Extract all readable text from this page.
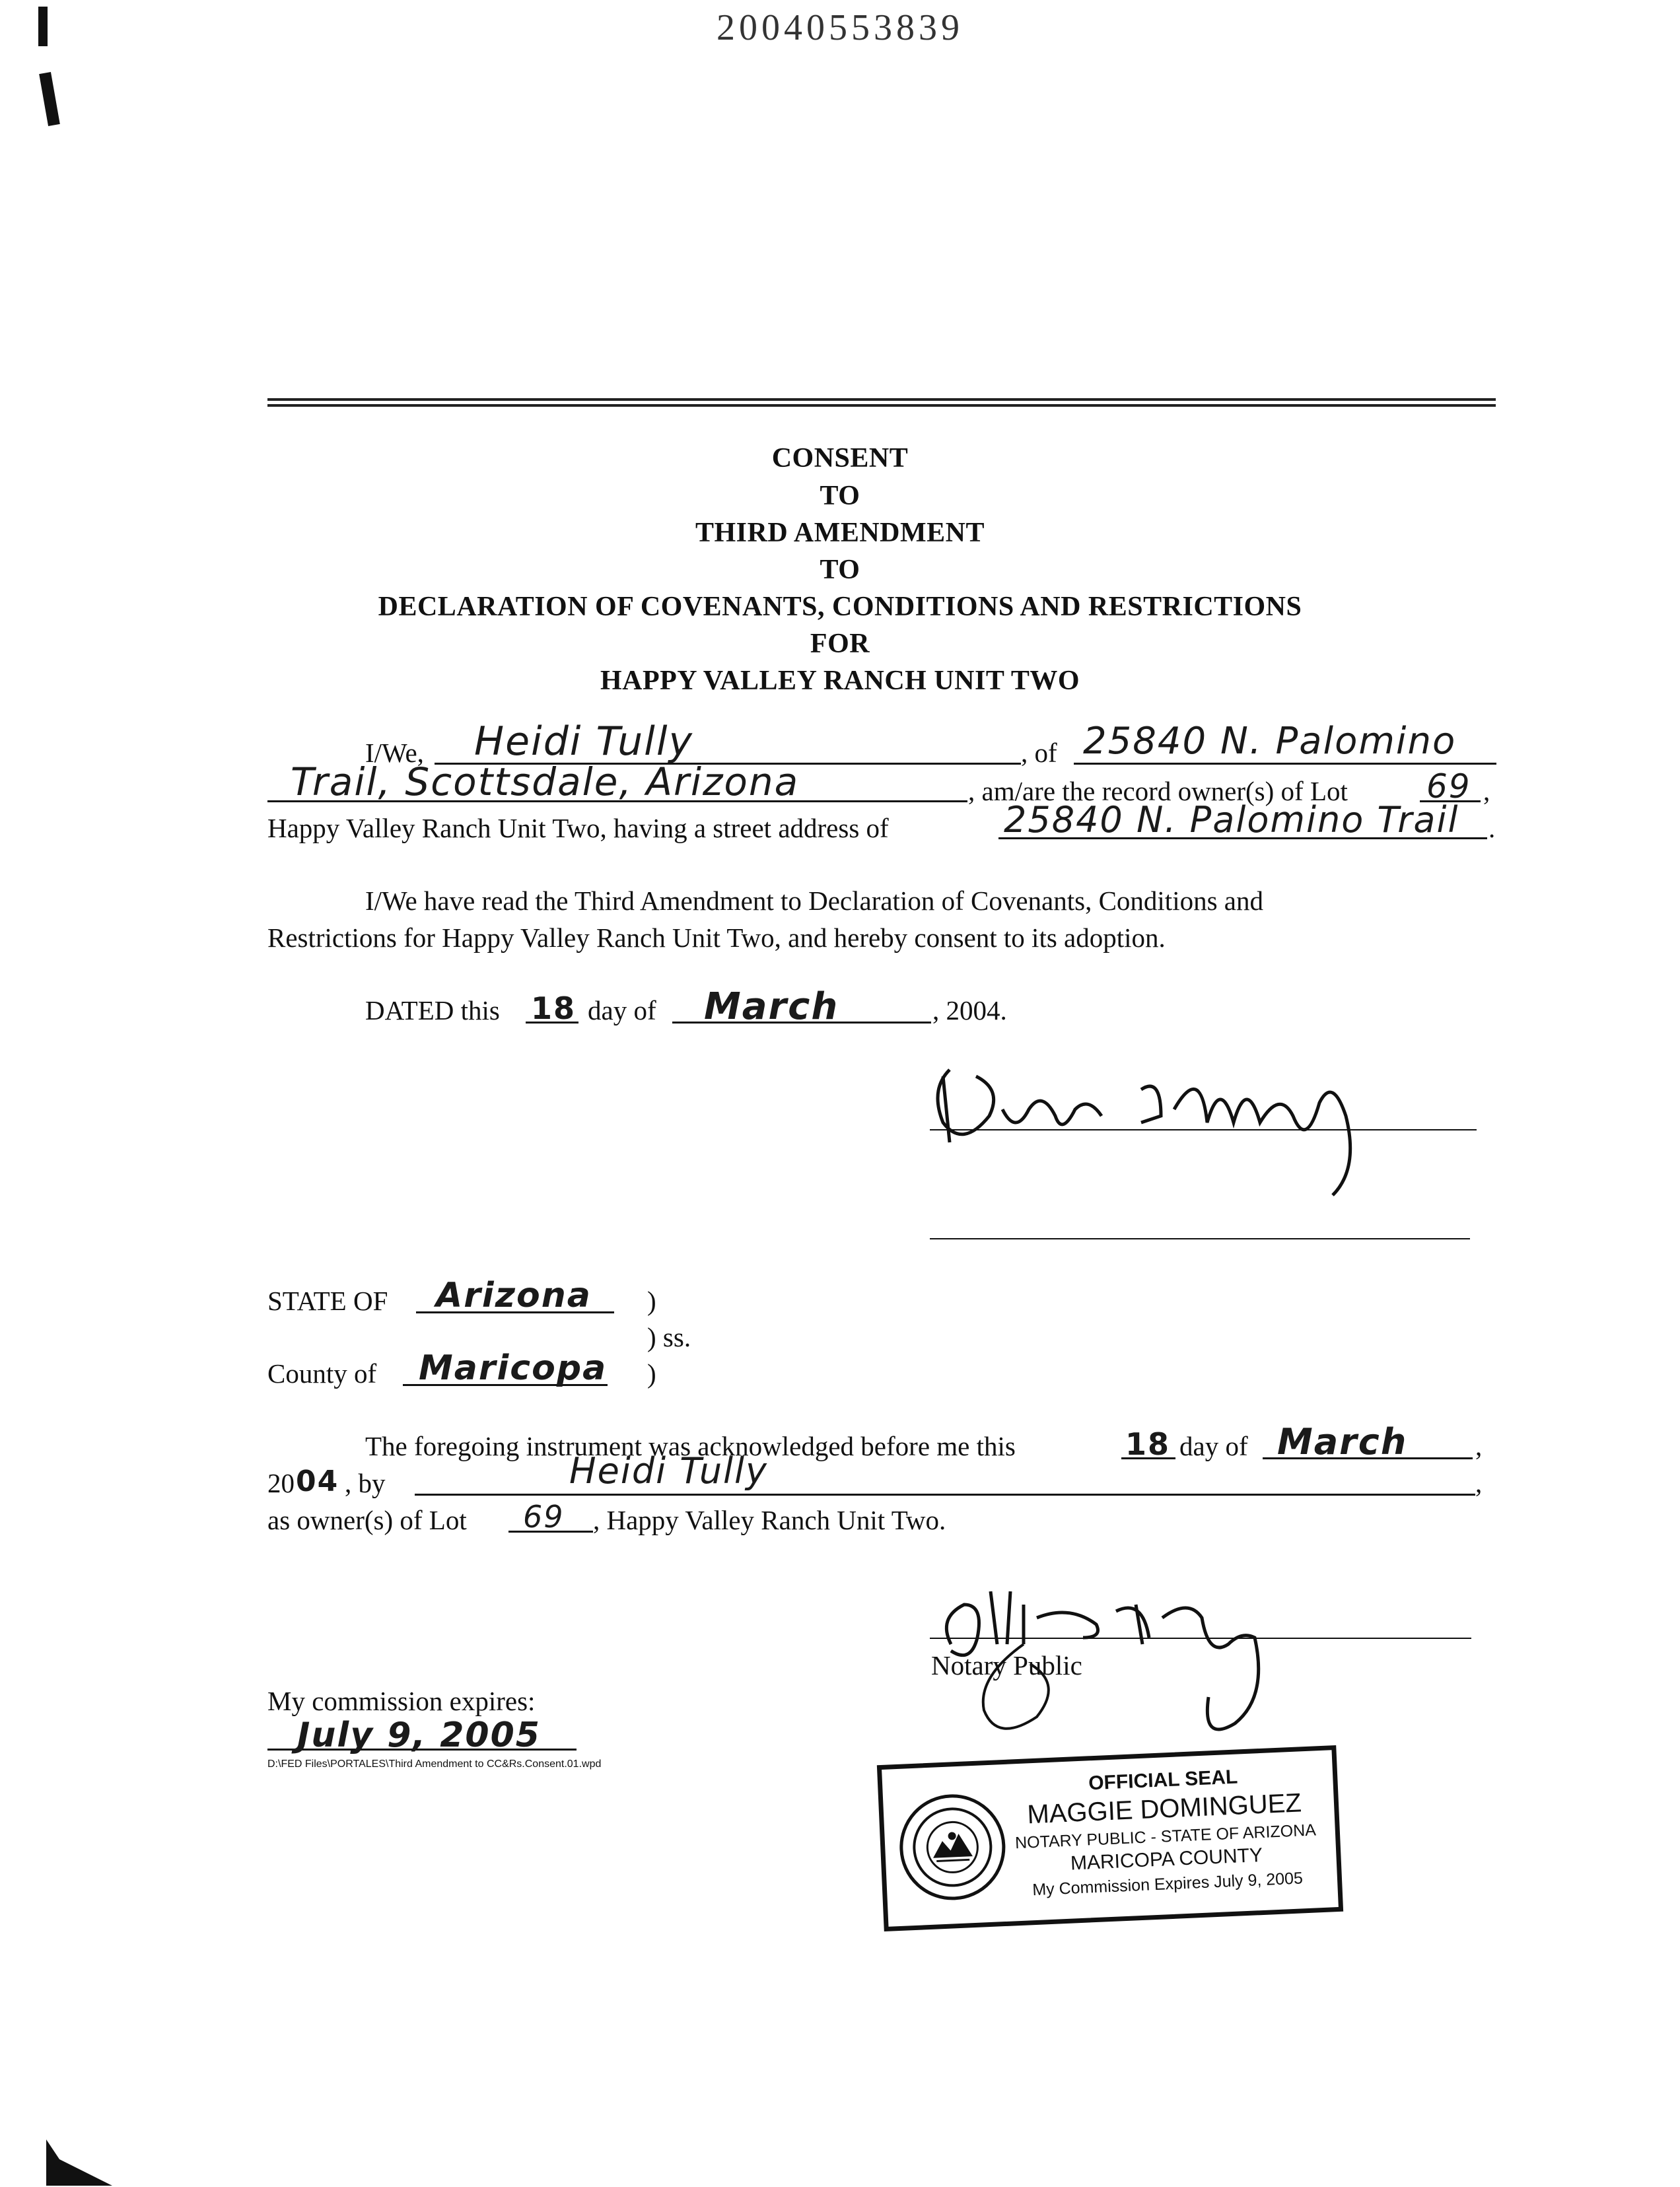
20040553839
CONSENT
TO
THIRD AMENDMENT
TO
DECLARATION OF COVENANTS, CONDITIONS AND RESTRICTIONS
FOR
HAPPY VALLEY RANCH UNIT TWO
I/We, Heidi Tully	, of 25840 N. Palomino
Trail, Scottsdale, Arizona	, am/are the record owner(s) of Lot 69 ,
Happy Valley Ranch Unit Two, having a street address of	25840 N. Palomino Trail .
I/We have read the Third Amendment to Declaration of Covenants, Conditions and
Restrictions for Happy Valley Ranch Unit Two, and hereby consent to its adoption.
DATED this 18 day of March	, 2004.
STATE OF Arizona )
) ss.
County of Maricopa )
The foregoing instrument was acknowledged before me this	18 day of March	,
20 04 , by	Heidi Tully	,
as owner(s) of Lot 69 , Happy Valley Ranch Unit Two.
Notary Public
My commission expires:
July 9, 2005
D:\FED Files\PORTALES\Third Amendment to CC&Rs.Consent.01.wpd
OFFICIAL SEAL
MAGGIE DOMINGUEZ
NOTARY PUBLIC - STATE OF ARIZONA
MARICOPA COUNTY
My Commission Expires July 9, 2005
